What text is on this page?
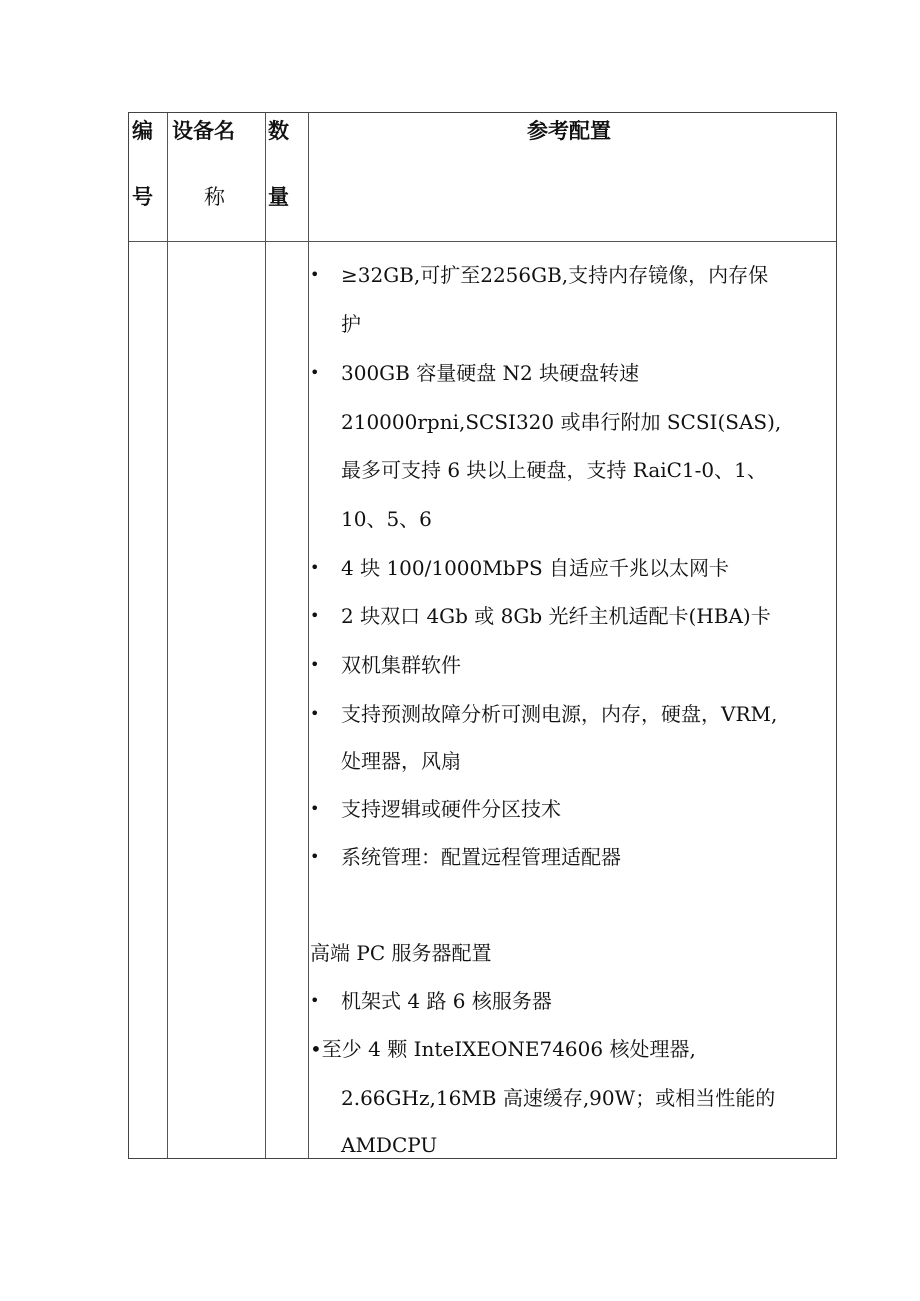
编
号
设备名
称
数
量
参考配置
• ≥32GB,可扩至2256GB,支持内存镜像，内存保
护
• 300GB 容量硬盘 N2 块硬盘转速
210000rpni,SCSI320 或串行附加 SCSI(SAS),
最多可支持 6 块以上硬盘，支持 RaiC1-0、1、
10、5、6
• 4 块 100/1000MbPS 自适应千兆以太网卡
• 2 块双口 4Gb 或 8Gb 光纤主机适配卡(HBA)卡
• 双机集群软件
• 支持预测故障分析可测电源，内存，硬盘，VRM,
处理器，风扇
• 支持逻辑或硬件分区技术
• 系统管理：配置远程管理适配器
高端 PC 服务器配置
• 机架式 4 路 6 核服务器
•至少 4 颗 InteIXEONE74606 核处理器,
2.66GHz,16MB 高速缓存,90W；或相当性能的
AMDCPU
